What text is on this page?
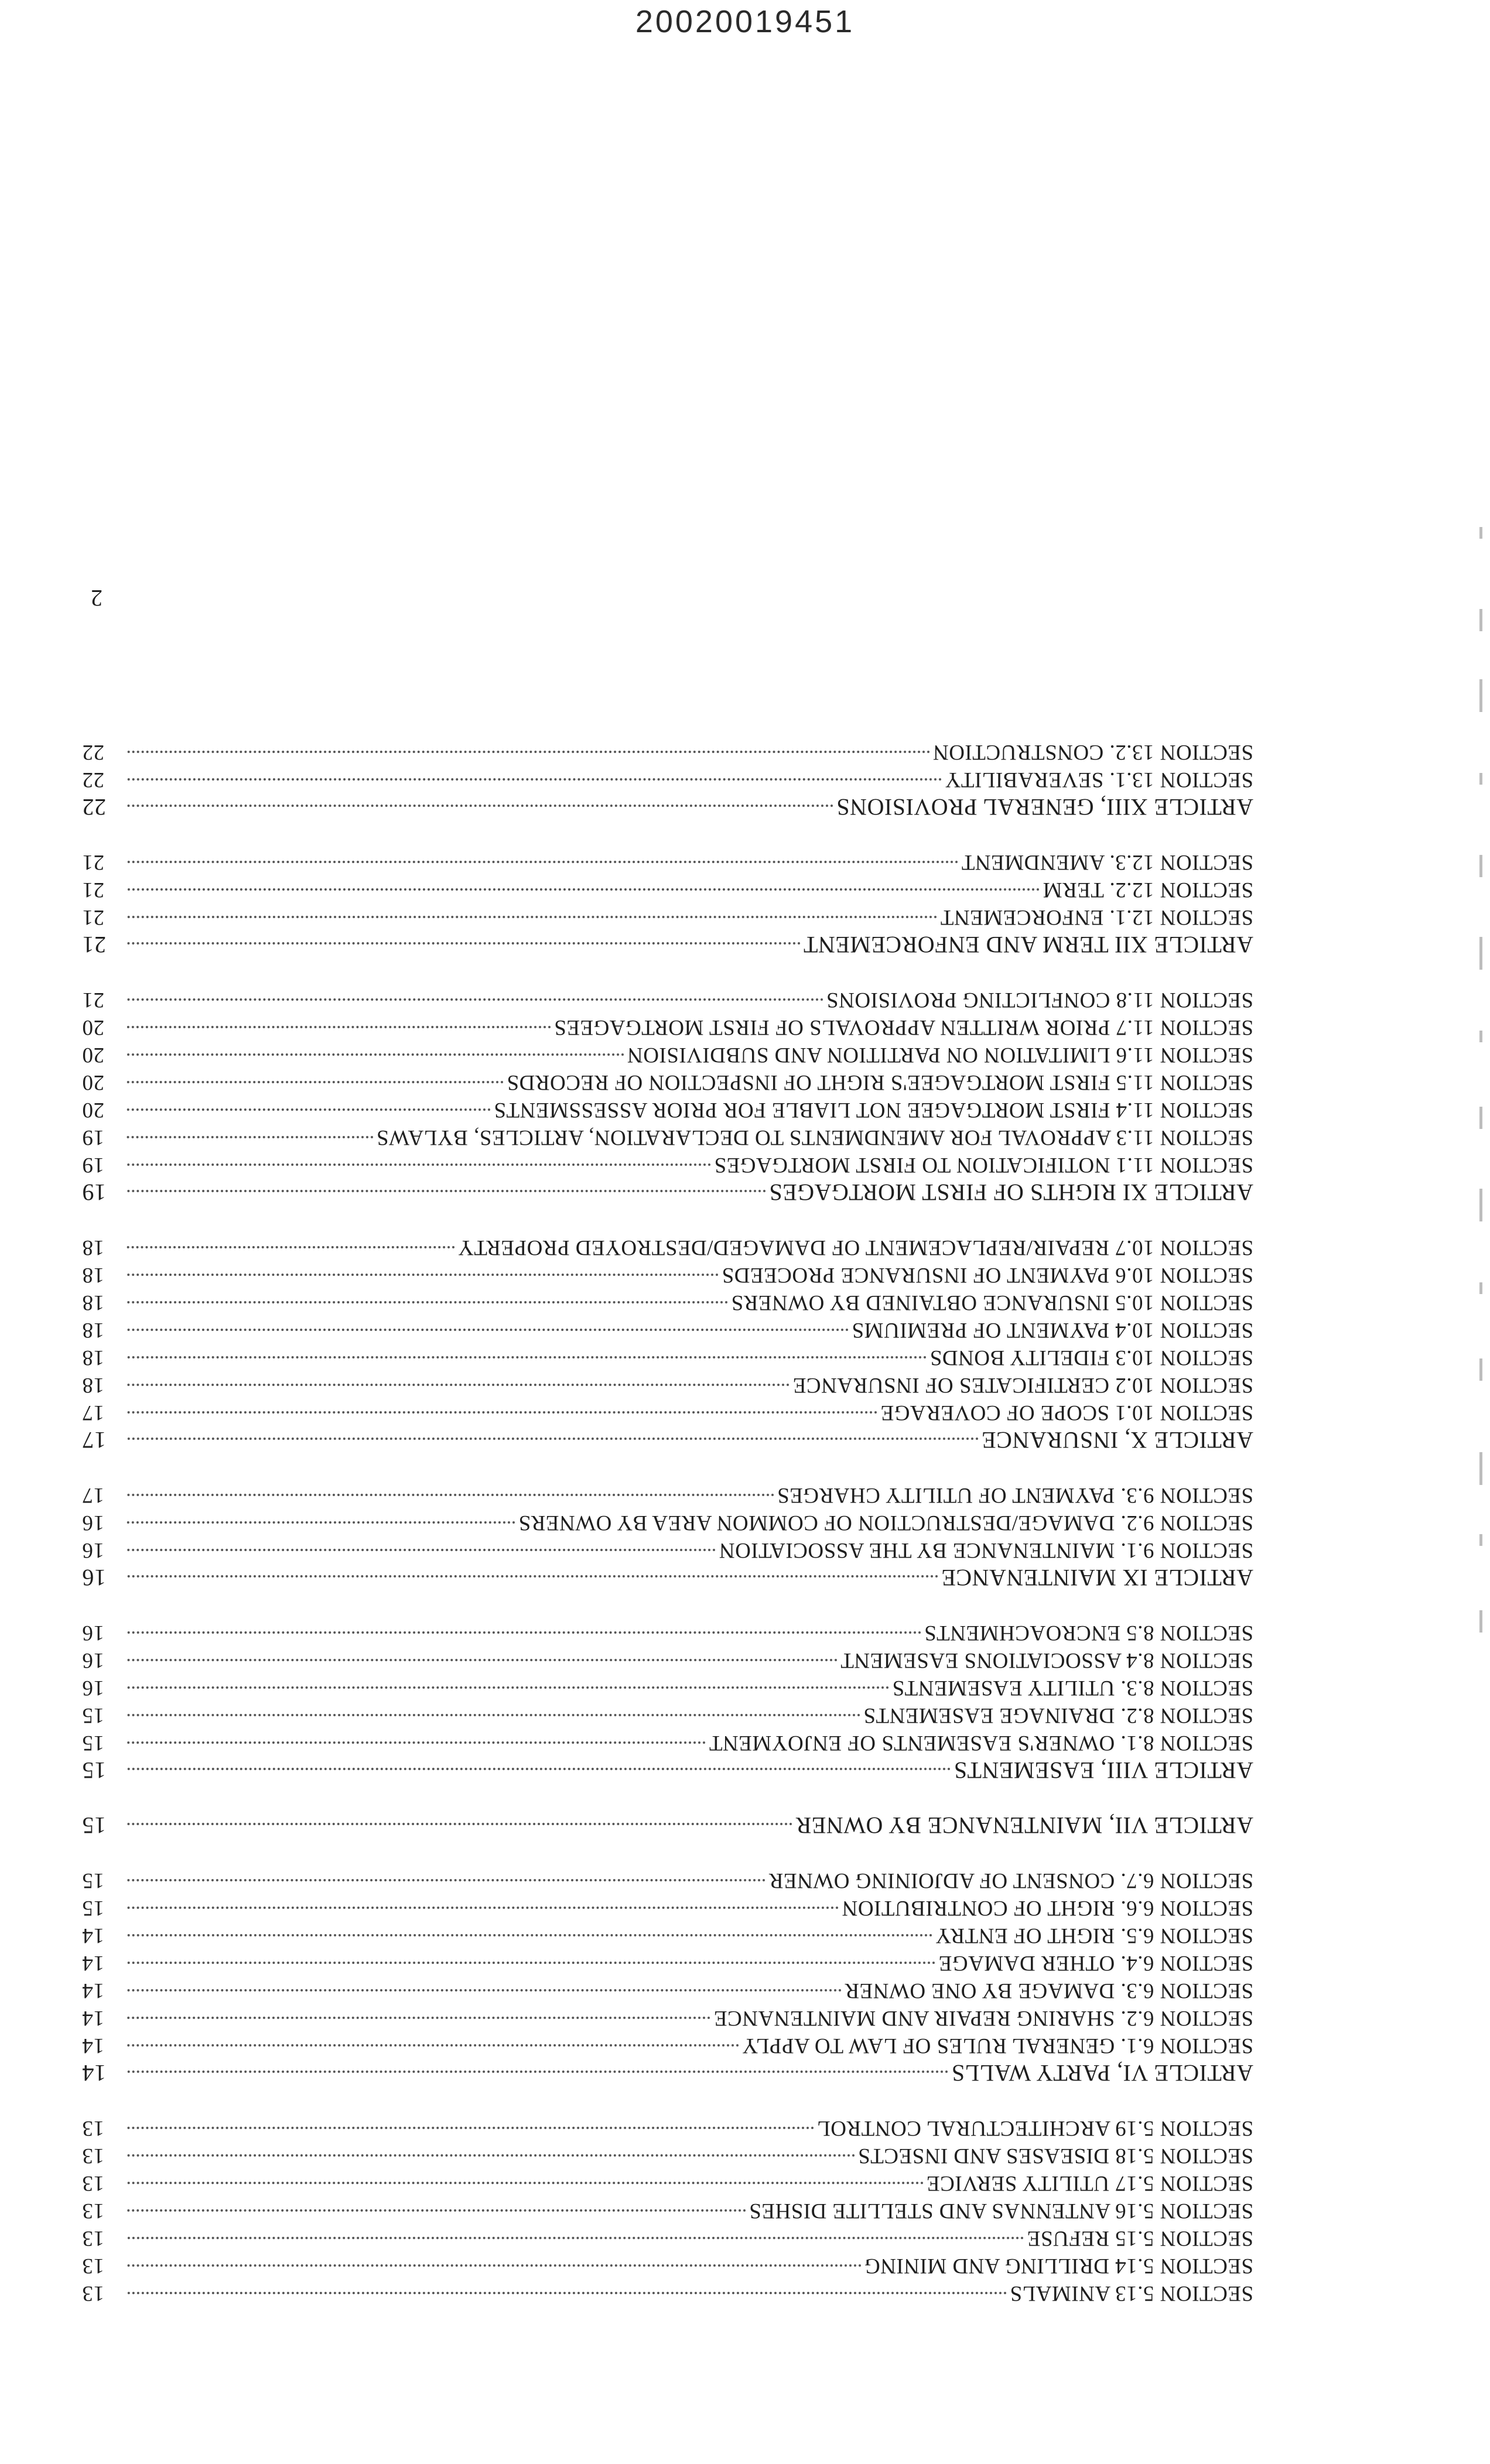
20020019451
SECTION 5.13 ANIMALS
13
SECTION 5.14 DRILLING AND MINING
13
SECTION 5.15 REFUSE
13
SECTION 5.16 ANTENNAS AND STELLITE DISHES
13
SECTION 5.17 UTILITY SERVICE
13
SECTION 5.18 DISEASES AND INSECTS
13
SECTION 5.19 ARCHITECTURAL CONTROL
13
ARTICLE VI, PARTY WALLS
14
SECTION 6.1. GENERAL RULES OF LAW TO APPLY
14
SECTION 6.2. SHARING REPAIR AND MAINTENANCE
14
SECTION 6.3. DAMAGE BY ONE OWNER
14
SECTION 6.4. OTHER DAMAGE
14
SECTION 6.5. RIGHT OF ENTRY
14
SECTION 6.6. RIGHT OF CONTRIBUTION
15
SECTION 6.7. CONSENT OF ADJOINING OWNER
15
ARTICLE VII, MAINTENANCE BY OWNER
15
ARTICLE VIII, EASEMENTS
15
SECTION 8.1. OWNER'S EASEMENTS OF ENJOYMENT
15
SECTION 8.2. DRAINAGE EASEMENTS
15
SECTION 8.3. UTILITY EASEMENTS
16
SECTION 8.4 ASSOCIATIONS EASEMENT
16
SECTION 8.5 ENCROACHMENTS
16
ARTICLE IX MAINTENANCE
16
SECTION 9.1. MAINTENANCE BY THE ASSOCIATION
16
SECTION 9.2. DAMAGE/DESTRUCTION OF COMMON AREA BY OWNERS
16
SECTION 9.3. PAYMENT OF UTILITY CHARGES
17
ARTICLE X, INSURANCE
17
SECTION 10.1 SCOPE OF COVERAGE
17
SECTION 10.2 CERTIFICATES OF INSURANCE
18
SECTION 10.3 FIDELITY BONDS
18
SECTION 10.4 PAYMENT OF PREMIUMS
18
SECTION 10.5 INSURANCE OBTAINED BY OWNERS
18
SECTION 10.6 PAYMENT OF INSURANCE PROCEEDS
18
SECTION 10.7 REPAIR/REPLACEMENT OF DAMAGED/DESTROYED PROPERTY
18
ARTICLE XI RIGHTS OF FIRST MORTGAGES
19
SECTION 11.1 NOTIFICATION TO FIRST MORTGAGES
19
SECTION 11.3 APPROVAL FOR AMENDMENTS TO DECLARATION, ARTICLES, BYLAWS
19
SECTION 11.4 FIRST MORTGAGEE NOT LIABLE FOR PRIOR ASSESSMENTS
20
SECTION 11.5 FIRST MORTGAGEE'S RIGHT OF INSPECTION OF RECORDS
20
SECTION 11.6 LIMITATION ON PARTITION AND SUBDIVISION
20
SECTION 11.7 PRIOR WRITTEN APPROVALS OF FIRST MORTGAGEES
20
SECTION 11.8 CONFLICTING PROVISIONS
21
ARTICLE XII TERM AND ENFORCEMENT
21
SECTION 12.1. ENFORCEMENT
21
SECTION 12.2. TERM
21
SECTION 12.3. AMENDMENT
21
ARTICLE XIII, GENERAL PROVISIONS
22
SECTION 13.1. SEVERABILITY
22
SECTION 13.2. CONSTRUCTION
22
2
